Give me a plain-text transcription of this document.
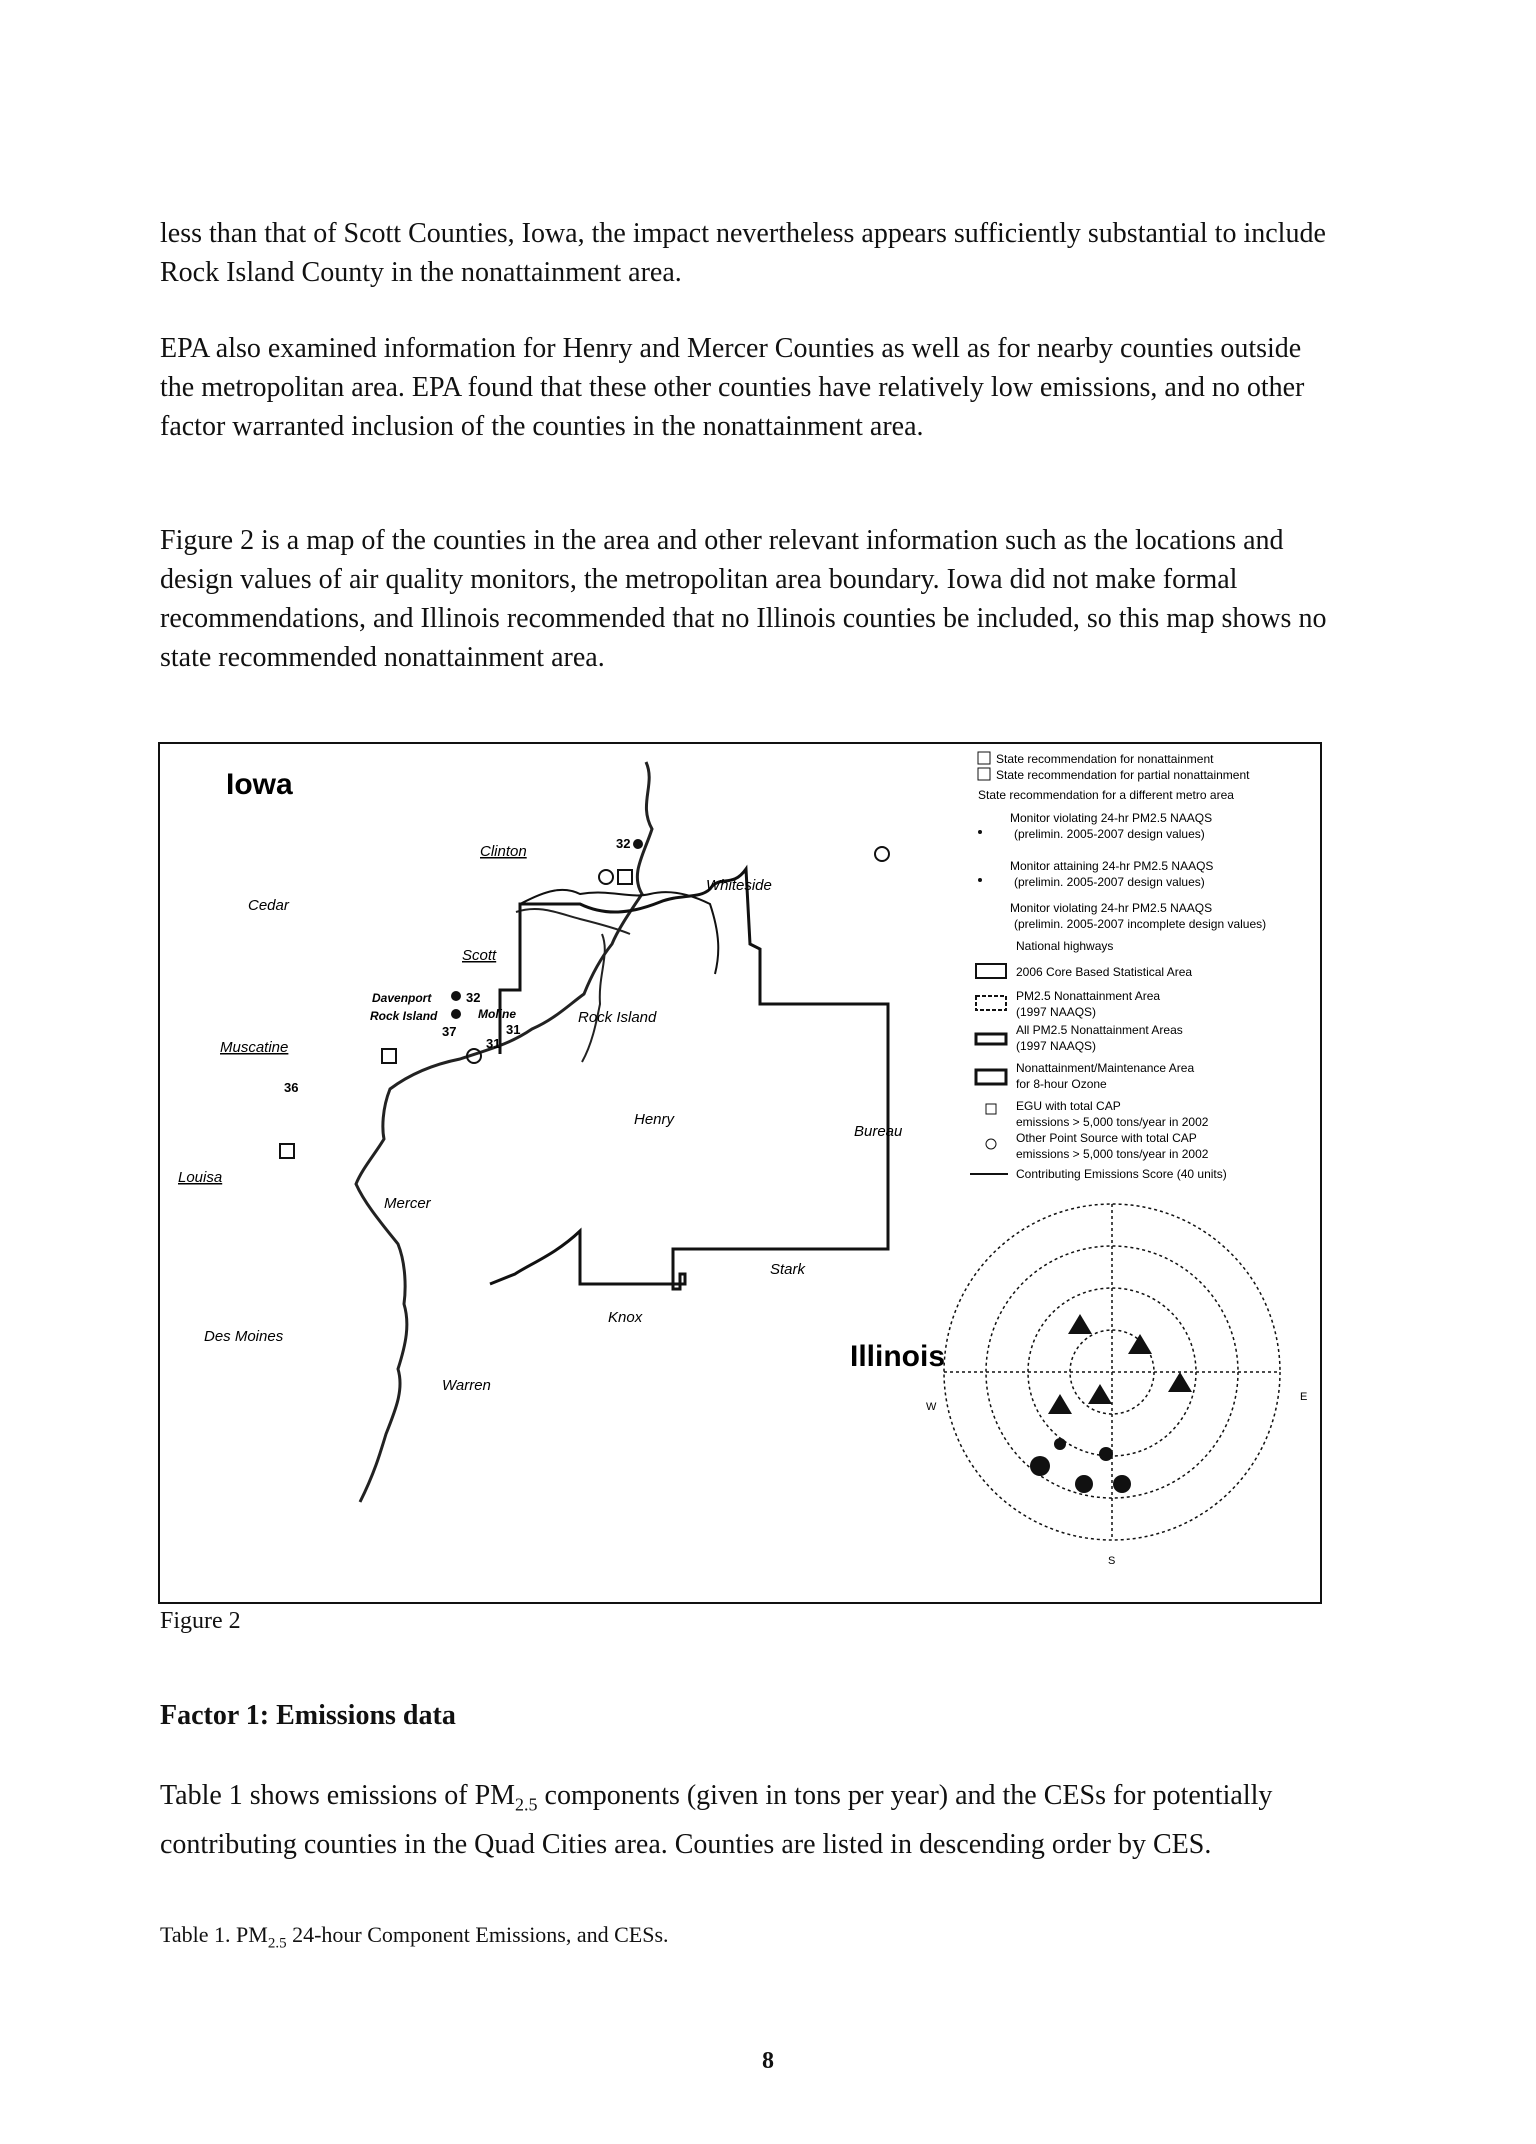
less than that of Scott Counties, Iowa, the impact nevertheless appears sufficiently substantial to include Rock Island County in the nonattainment area.

EPA also examined information for Henry and Mercer Counties as well as for nearby counties outside the metropolitan area. EPA found that these other counties have relatively low emissions, and no other factor warranted inclusion of the counties in the nonattainment area.

Figure 2 is a map of the counties in the area and other relevant information such as the locations and design values of air quality monitors, the metropolitan area boundary. Iowa did not make formal recommendations, and Illinois recommended that no Illinois counties be included, so this map shows no state recommended nonattainment area.

Iowa
Illinois
Clinton
Whiteside
Cedar
Scott
Muscatine
Rock Island
Henry
Bureau
Louisa
Mercer
Stark
Knox
Des Moines
Warren
Davenport
Rock Island	Moline
32
32
37	31
31
36
State recommendation for nonattainment
State recommendation for partial nonattainment
State recommendation for a different metro area
Monitor violating 24-hr PM2.5 NAAQS
(prelimin. 2005-2007 design values)
Monitor attaining 24-hr PM2.5 NAAQS
(prelimin. 2005-2007 design values)
Monitor violating 24-hr PM2.5 NAAQS
(prelimin. 2005-2007 incomplete design values)
National highways
2006 Core Based Statistical Area
PM2.5 Nonattainment Area
(1997 NAAQS)
All PM2.5 Nonattainment Areas
(1997 NAAQS)
Nonattainment/Maintenance Area
for 8-hour Ozone
EGU with total CAP
emissions > 5,000 tons/year in 2002
Other Point Source with total CAP
emissions > 5,000 tons/year in 2002
Contributing Emissions Score (40 units)
W
E
S

Figure 2

Factor 1: Emissions data

Table 1 shows emissions of $PM_{2.5}$ components (given in tons per year) and the CESs for potentially contributing counties in the Quad Cities area. Counties are listed in descending order by CES.

Table 1. $PM_{2.5}$ 24-hour Component Emissions, and CESs.

8
